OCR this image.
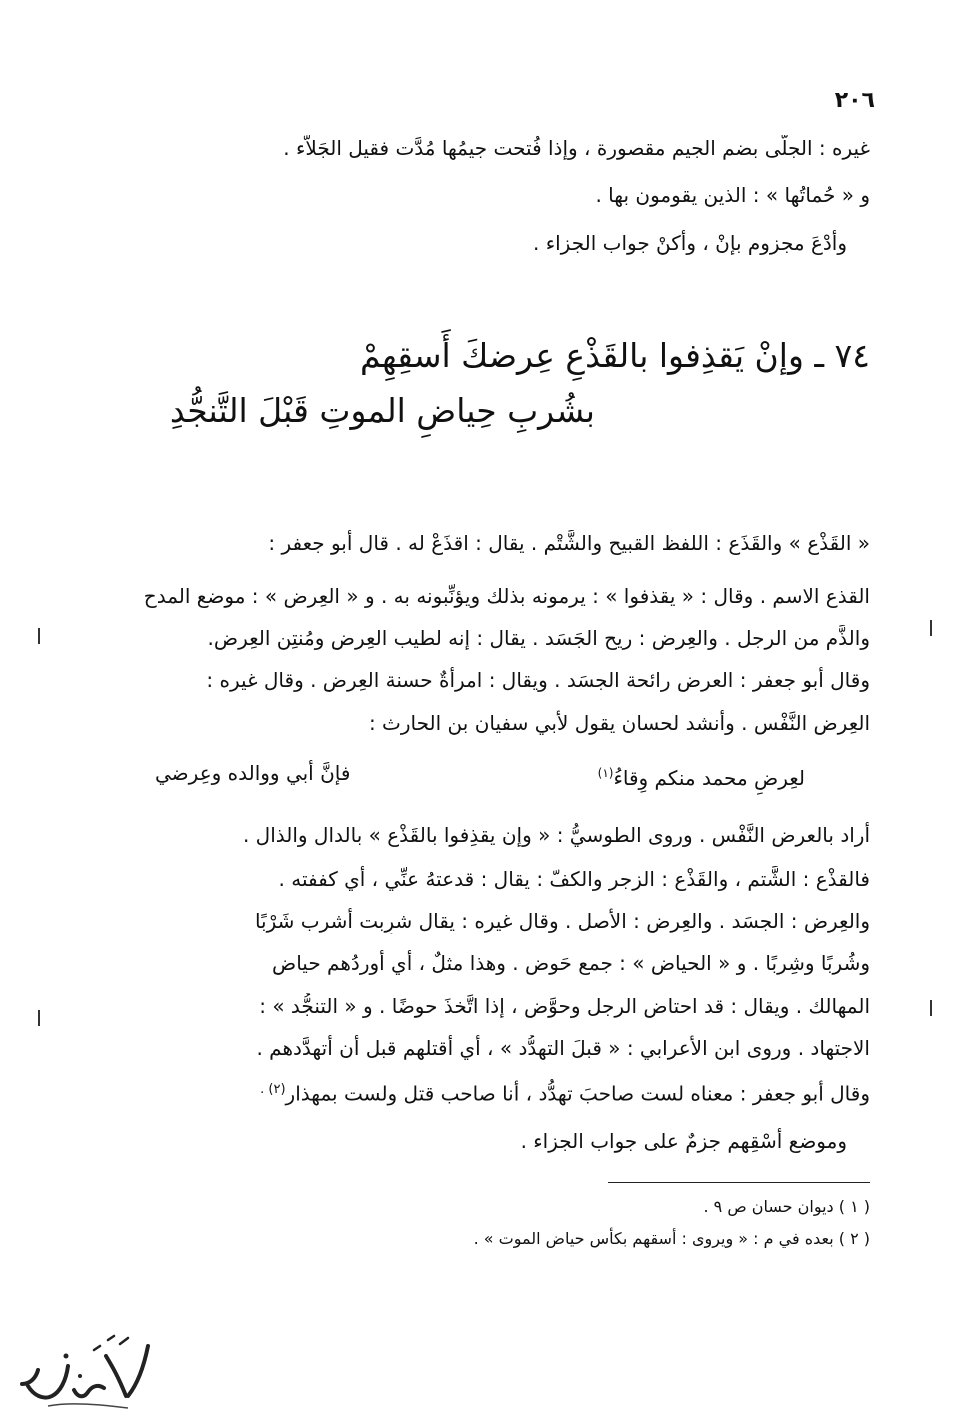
٢٠٦
غيره : الجلَّى بضم الجيم مقصورة ، وإذا فُتحت جيمُها مُدَّت فقيل الجَلاَّء .
و « حُماتُها » : الذين يقومون بها .
وأدْعَ مجزوم بإنْ ، وأكنْ جواب الجزاء .
٧٤ ـ وإنْ يَقذِفوا بالقَذْعِ عِرضكَ أَسقِهِمْ
بشُربِ حِياضِ الموتِ قَبْلَ التَّنجُّدِ
« القَذْع » والقَذَع : اللفظ القبيح والشَّتْم . يقال : اقذَعْ له . قال أبو جعفر :
القذع الاسم . وقال : « يقذفوا » : يرمونه بذلك ويؤنِّبونه به . و « العِرض » : موضع المدح
والذَّم من الرجل . والعِرض : ريح الجَسَد . يقال : إنه لطيب العِرض ومُنتِن العِرض.
وقال أبو جعفر : العرض رائحة الجسَد . ويقال : امرأةٌ حسنة العِرض . وقال غيره :
العِرض النَّفْس . وأنشد لحسان يقول لأبي سفيان بن الحارث :
فإنَّ أبي ووالده وعِرضي	لعِرضِ محمد منكم وِقاءُ$^{(١)}$
أراد بالعرض النَّفْس . وروى الطوسيُّ : « وإن يقذِفوا بالقَذْع » بالدال والذال .
فالقذْع : الشَّتم ، والقَذْع : الزجر والكفّ : يقال : قدعتهُ عنِّي ، أي كففته .
والعِرض : الجسَد . والعِرض : الأصل . وقال غيره : يقال شرِبت أشرب شَرْبًا
وشُربًا وشِربًا . و « الحياض » : جمع حَوض . وهذا مثلٌ ، أي أوردُهم حياض
المهالك . ويقال : قد احتاض الرجل وحوَّض ، إذا اتَّخذَ حوضًا . و « التنجُّد » :
الاجتهاد . وروى ابن الأعرابي : « قبلَ التهدُّد » ، أي أقتلهم قبل أن أتهدَّدهم .
وقال أبو جعفر : معناه لست صاحبَ تهدُّد ، أنا صاحب قتل ولست بمهذار$^{(٢) .}$
وموضع أسْقِهم جزمٌ على جواب الجزاء .
( ١ ) ديوان حسان ص ٩ .
( ٢ ) بعده في م : « ويروى : أسقهم بكأس حياض الموت » .
